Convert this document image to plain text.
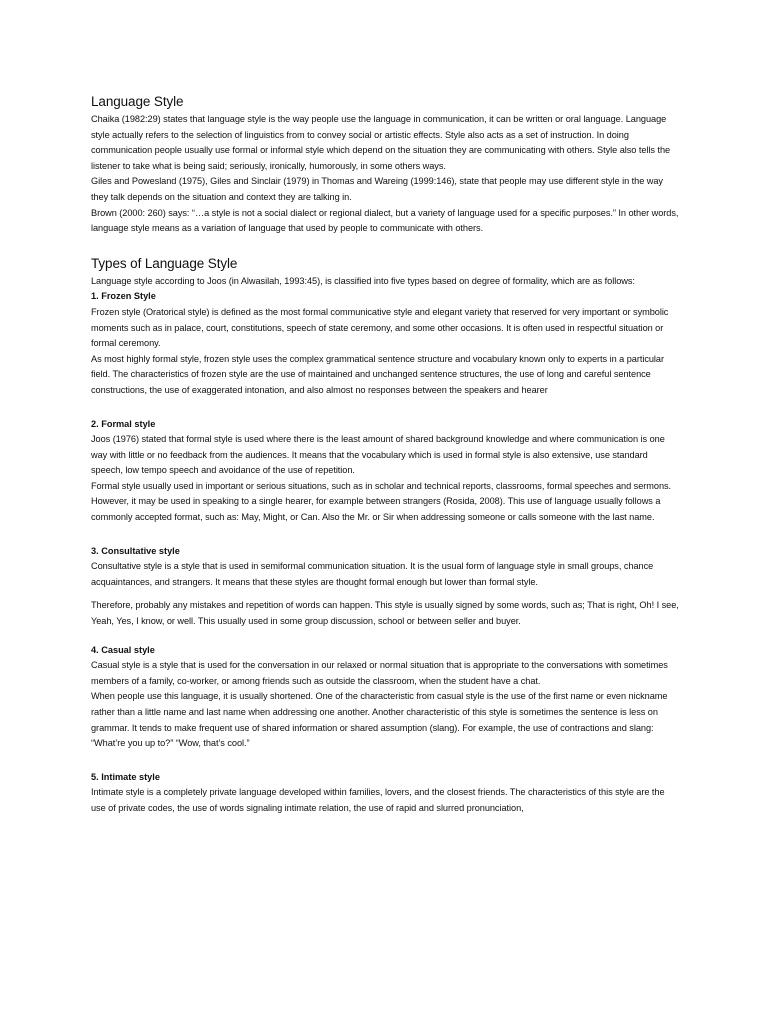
Language Style

Chaika (1982:29) states that language style is the way people use the language in communication, it can be written or oral language. Language style actually refers to the selection of linguistics from to convey social or artistic effects. Style also acts as a set of instruction. In doing communication people usually use formal or informal style which depend on the situation they are communicating with others. Style also tells the listener to take what is being said; seriously, ironically, humorously, in some others ways.

Giles and Powesland (1975), Giles and Sinclair (1979) in Thomas and Wareing (1999:146), state that people may use different style in the way they talk depends on the situation and context they are talking in.

Brown (2000: 260) says: “…a style is not a social dialect or regional dialect, but a variety of language used for a specific purposes.” In other words, language style means as a variation of language that used by people to communicate with others.

Types of Language Style

Language style according to Joos (in Alwasilah, 1993:45), is classified into five types based on degree of formality, which are as follows:

1. Frozen Style

Frozen style (Oratorical style) is defined as the most formal communicative style and elegant variety that reserved for very important or symbolic moments such as in palace, court, constitutions, speech of state ceremony, and some other occasions. It is often used in respectful situation or formal ceremony.

As most highly formal style, frozen style uses the complex grammatical sentence structure and vocabulary known only to experts in a particular field. The characteristics of frozen style are the use of maintained and unchanged sentence structures, the use of long and careful sentence constructions, the use of exaggerated intonation, and also almost no responses between the speakers and hearer

2. Formal style

Joos (1976) stated that formal style is used where there is the least amount of shared background knowledge and where communication is one way with little or no feedback from the audiences. It means that the vocabulary which is used in formal style is also extensive, use standard speech, low tempo speech and avoidance of the use of repetition.

Formal style usually used in important or serious situations, such as in scholar and technical reports, classrooms, formal speeches and sermons. However, it may be used in speaking to a single hearer, for example between strangers (Rosida, 2008). This use of language usually follows a commonly accepted format, such as: May, Might, or Can. Also the Mr. or Sir when addressing someone or calls someone with the last name.

3. Consultative style

Consultative style is a style that is used in semiformal communication situation. It is the usual form of language style in small groups, chance acquaintances, and strangers. It means that these styles are thought formal enough but lower than formal style.

Therefore, probably any mistakes and repetition of words can happen. This style is usually signed by some words, such as; That is right, Oh! I see, Yeah, Yes, I know, or well. This usually used in some group discussion, school or between seller and buyer.

4. Casual style

Casual style is a style that is used for the conversation in our relaxed or normal situation that is appropriate to the conversations with sometimes members of a family, co-worker, or among friends such as outside the classroom, when the student have a chat.

When people use this language, it is usually shortened. One of the characteristic from casual style is the use of the first name or even nickname rather than a little name and last name when addressing one another. Another characteristic of this style is sometimes the sentence is less on grammar. It tends to make frequent use of shared information or shared assumption (slang). For example, the use of contractions and slang: “What’re you up to?” “Wow, that’s cool.”

5. Intimate style

Intimate style is a completely private language developed within families, lovers, and the closest friends. The characteristics of this style are the use of private codes, the use of words signaling intimate relation, the use of rapid and slurred pronunciation,
